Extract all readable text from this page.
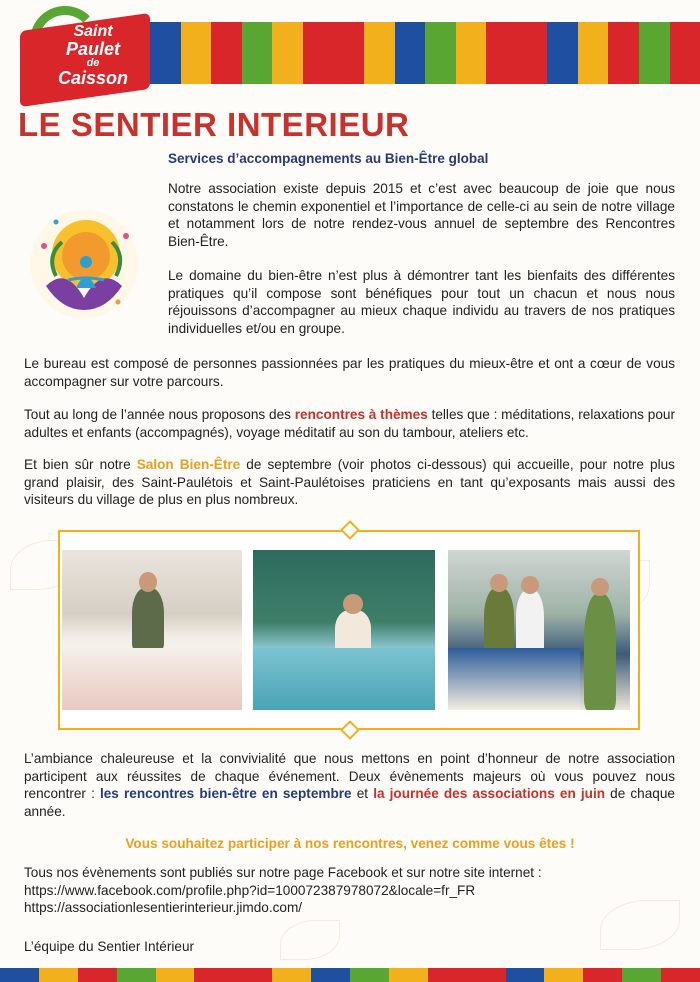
Saint
Paulet
de
Caisson
LE SENTIER INTERIEUR
Services d’accompagnements au Bien-Être global
Notre association existe depuis 2015 et c’est avec beaucoup de joie que nous constatons le chemin exponentiel et l’importance de celle-ci au sein de notre village et notamment lors de notre rendez-vous annuel de septembre des Rencontres Bien-Être.
Le domaine du bien-être n’est plus à démontrer tant les bienfaits des différentes pratiques qu’il compose sont bénéfiques pour tout un chacun et nous nous réjouissons d’accompagner au mieux chaque individu au travers de nos pratiques individuelles et/ou en groupe.
Le bureau est composé de personnes passionnées par les pratiques du mieux-être et ont a cœur de vous accompagner sur votre parcours.
Tout au long de l’année nous proposons des rencontres à thèmes telles que : méditations, relaxations pour adultes et enfants (accompagnés), voyage méditatif au son du tambour, ateliers etc.
Et bien sûr notre Salon Bien-Être de septembre (voir photos ci-dessous) qui accueille, pour notre plus grand plaisir, des Saint-Paulétois et Saint-Paulétoises praticiens en tant qu’exposants mais aussi des visiteurs du village de plus en plus nombreux.
L’ambiance chaleureuse et la convivialité que nous mettons en point d’honneur de notre association participent aux réussites de chaque événement. Deux évènements majeurs où vous pouvez nous rencontrer : les rencontres bien-être en septembre et la journée des associations en juin de chaque année.
Vous souhaitez participer à nos rencontres, venez comme vous êtes !
Tous nos évènements sont publiés sur notre page Facebook et sur notre site internet :
https://www.facebook.com/profile.php?id=100072387978072&locale=fr_FR
https://associationlesentierinterieur.jimdo.com/
L’équipe du Sentier Intérieur
